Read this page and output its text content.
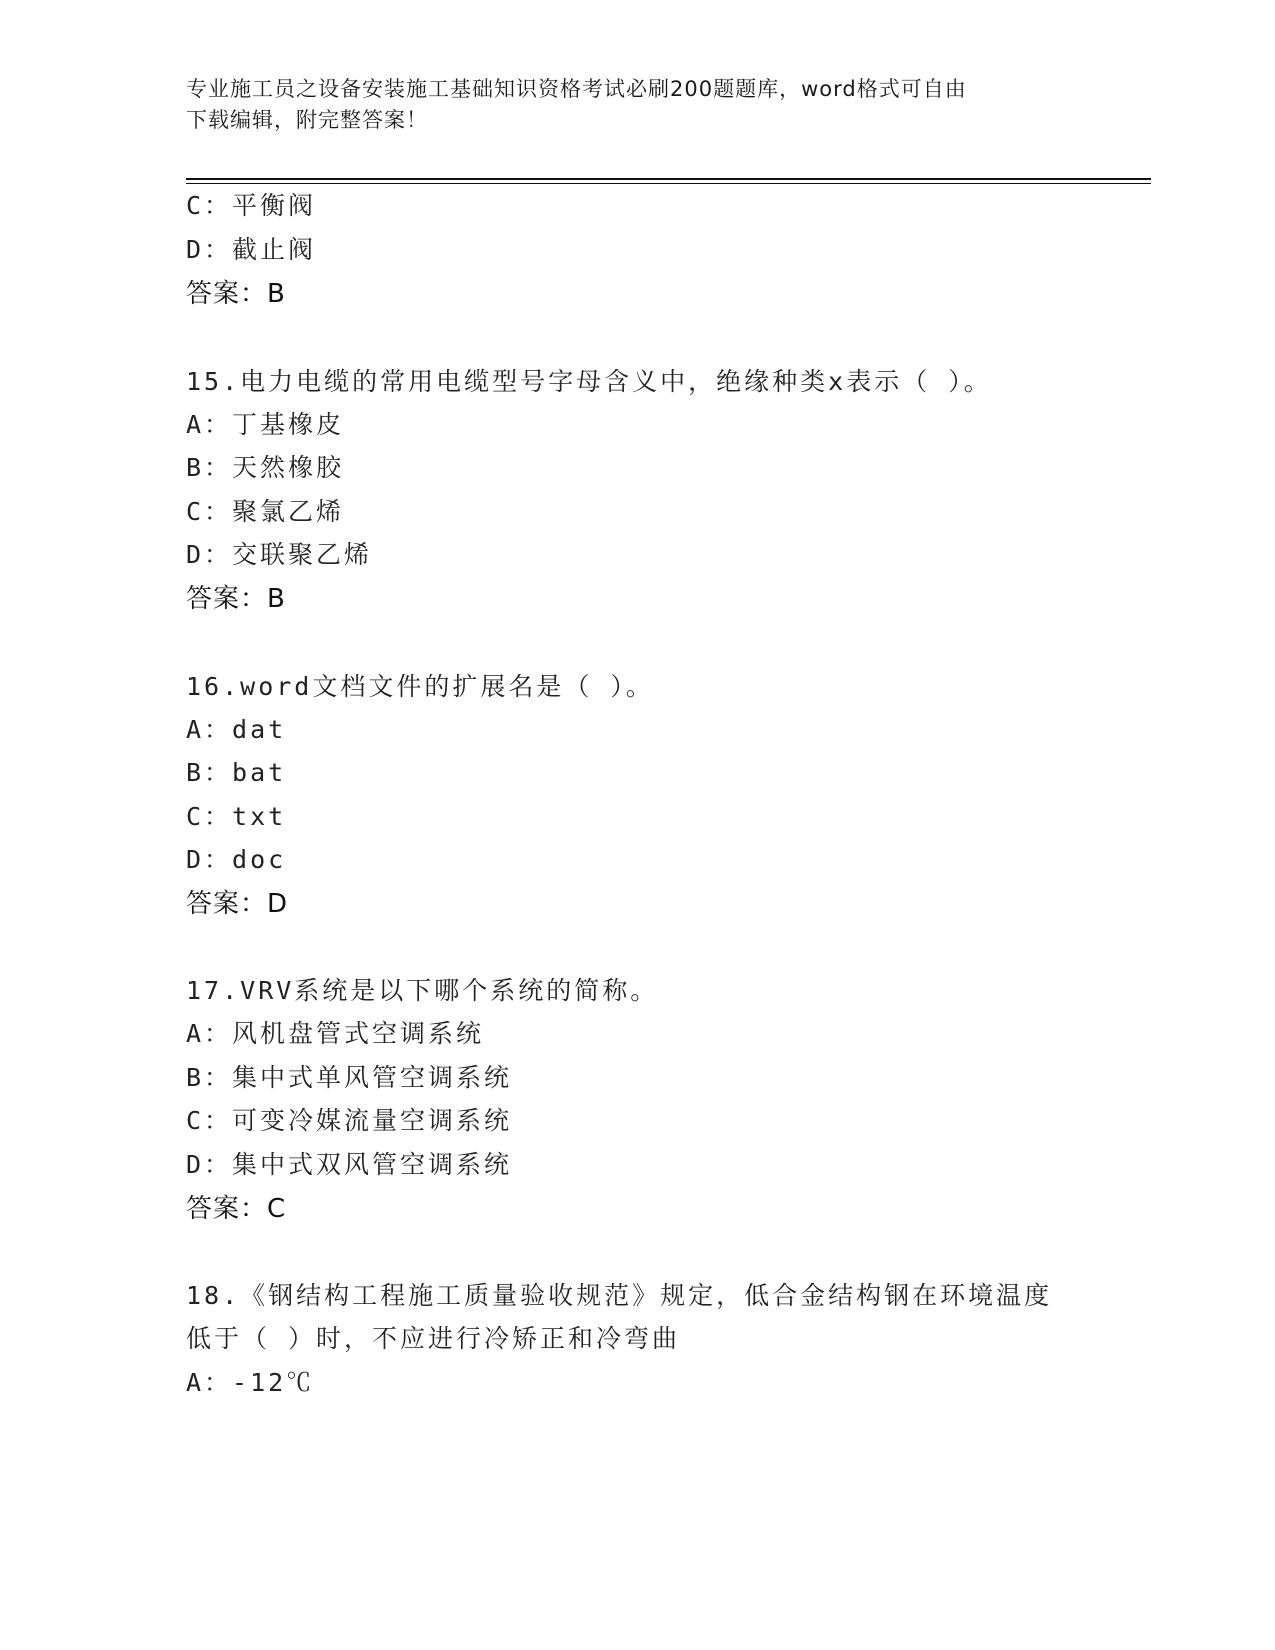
专业施工员之设备安装施工基础知识资格考试必刷200题题库，word格式可自由
下载编辑，附完整答案！
C：平衡阀
D：截止阀
答案：B
15.电力电缆的常用电缆型号字母含义中，绝缘种类x表示（ ）。
A：丁基橡皮
B：天然橡胶
C：聚氯乙烯
D：交联聚乙烯
答案：B
16.word文档文件的扩展名是（ ）。
A：dat
B：bat
C：txt
D：doc
答案：D
17.VRV系统是以下哪个系统的简称。
A：风机盘管式空调系统
B：集中式单风管空调系统
C：可变冷媒流量空调系统
D：集中式双风管空调系统
答案：C
18.《钢结构工程施工质量验收规范》规定，低合金结构钢在环境温度
低于（ ）时，不应进行冷矫正和冷弯曲
A：-12℃
